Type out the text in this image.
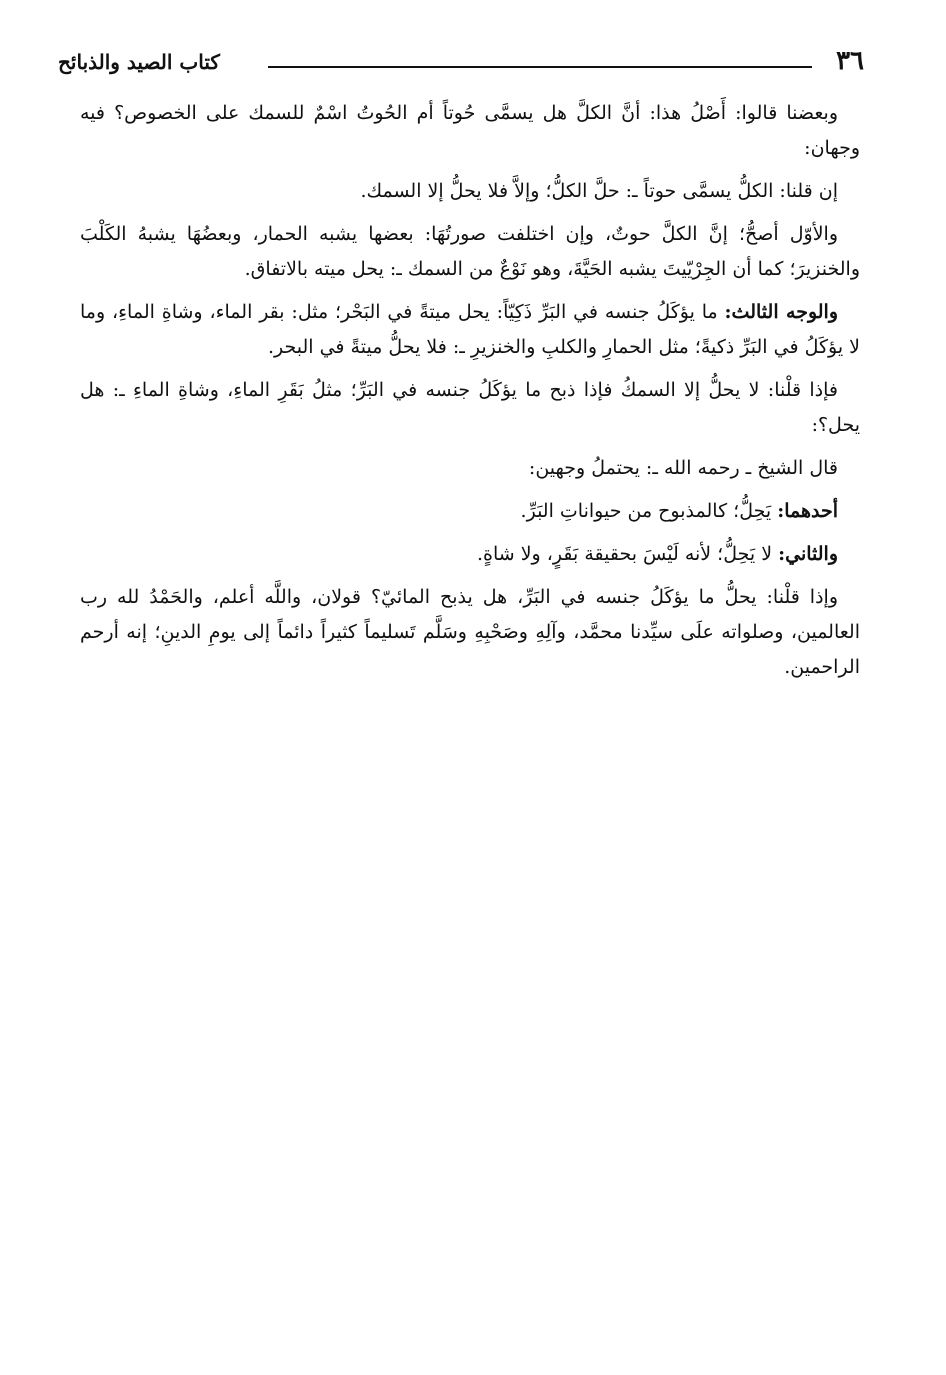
٣٦
كتاب الصيد والذبائح

وبعضنا قالوا: أَصْلُ هذا: أنَّ الكلَّ هل يسمَّى حُوتاً أم الحُوتُ اسْمٌ للسمك على الخصوص؟ فيه وجهان:

إن قلنا: الكلُّ يسمَّى حوتاً ـ: حلَّ الكلُّ؛ وإلاَّ فلا يحلُّ إلا السمك.

والأوّل أصحُّ؛ إنَّ الكلَّ حوتٌ، وإن اختلفت صورتُهَا: بعضها يشبه الحمار، وبعضُهَا يشبهُ الكَلْبَ والخنزيرَ؛ كما أن الجِرْيّيتَ يشبه الحَيَّةَ، وهو نَوْعٌ من السمك ـ: يحل ميته بالاتفاق.

والوجه الثالث: ما يؤكَلُ جنسه في البَرِّ ذَكِيّاً: يحل ميتةً في البَحْر؛ مثل: بقر الماء، وشاةِ الماءِ، وما لا يؤكَلُ في البَرِّ ذكيةً؛ مثل الحمارِ والكلبِ والخنزيرِ ـ: فلا يحلُّ ميتةً في البحر.

فإذا قلْنا: لا يحلُّ إلا السمكُ فإذا ذبح ما يؤكَلُ جنسه في البَرِّ؛ مثلُ بَقَرِ الماءِ، وشاةِ الماءِ ـ: هل يحل؟:

قال الشيخ ـ رحمه الله ـ: يحتملُ وجهين:

أحدهما: يَحِلُّ؛ كالمذبوح من حيواناتِ البَرِّ.

والثاني: لا يَحِلُّ؛ لأنه لَيْسَ بحقيقة بَقَرٍ، ولا شاةٍ.

وإذا قلْنا: يحلُّ ما يؤكَلُ جنسه في البَرِّ، هل يذبح المائيّ؟ قولان، واللَّه أعلم، والحَمْدُ لله رب العالمين، وصلواته علَى سيِّدنا محمَّد، وآلِهِ وصَحْبِهِ وسَلَّم تَسليماً كثيراً دائماً إلى يومِ الدينِ؛ إنه أرحم الراحمين.
